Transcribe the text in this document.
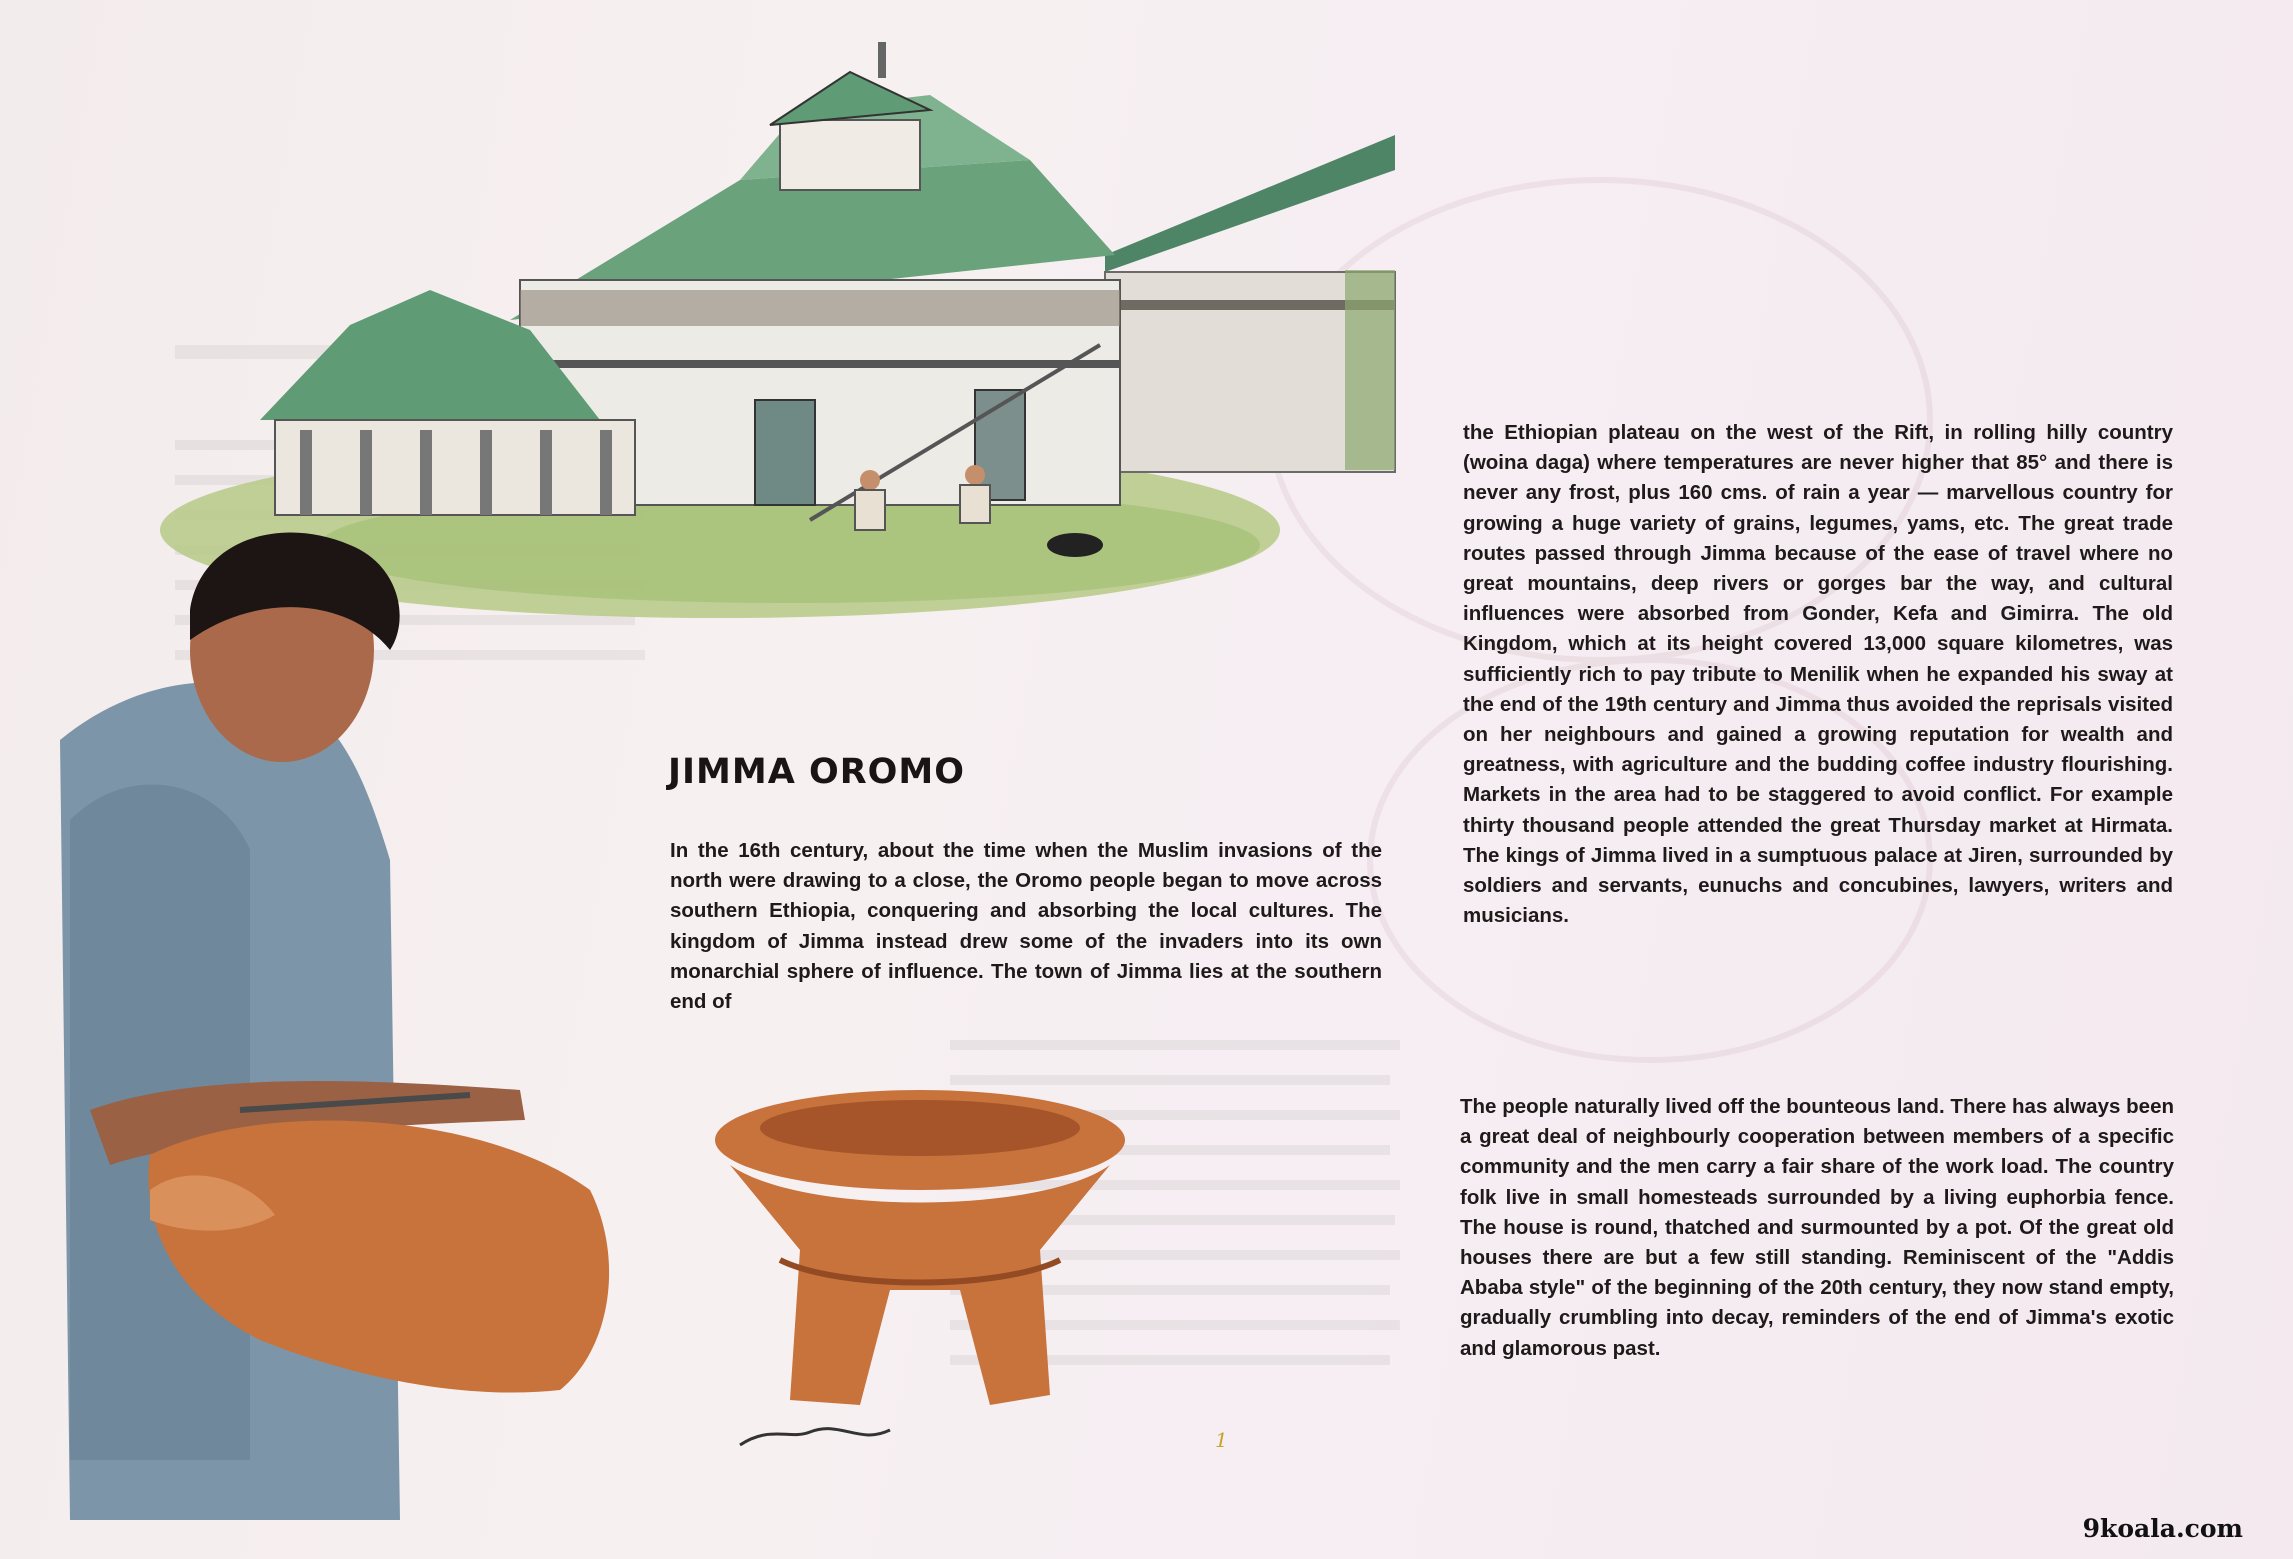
JIMMA OROMO

In the 16th century, about the time when the Muslim invasions of the north were drawing to a close, the Oromo people began to move across southern Ethiopia, conquering and absorbing the local cultures. The kingdom of Jimma instead drew some of the invaders into its own monarchial sphere of influence. The town of Jimma lies at the southern end of

the Ethiopian plateau on the west of the Rift, in rolling hilly country (woina daga) where temperatures are never higher that 85° and there is never any frost, plus 160 cms. of rain a year — marvellous country for growing a huge variety of grains, legumes, yams, etc. The great trade routes passed through Jimma because of the ease of travel where no great mountains, deep rivers or gorges bar the way, and cultural influences were absorbed from Gonder, Kefa and Gimirra. The old Kingdom, which at its height covered 13,000 square kilometres, was sufficiently rich to pay tribute to Menilik when he expanded his sway at the end of the 19th century and Jimma thus avoided the reprisals visited on her neighbours and gained a growing reputation for wealth and greatness, with agriculture and the budding coffee industry flourishing. Markets in the area had to be staggered to avoid conflict. For example thirty thousand people attended the great Thursday market at Hirmata. The kings of Jimma lived in a sumptuous palace at Jiren, surrounded by soldiers and servants, eunuchs and concubines, lawyers, writers and musicians.

The people naturally lived off the bounteous land. There has always been a great deal of neighbourly cooperation between members of a specific community and the men carry a fair share of the work load. The country folk live in small homesteads surrounded by a living euphorbia fence. The house is round, thatched and surmounted by a pot. Of the great old houses there are but a few still standing. Reminiscent of the "Addis Ababa style" of the beginning of the 20th century, they now stand empty, gradually crumbling into decay, reminders of the end of Jimma's exotic and glamorous past.

1
9koala.com
